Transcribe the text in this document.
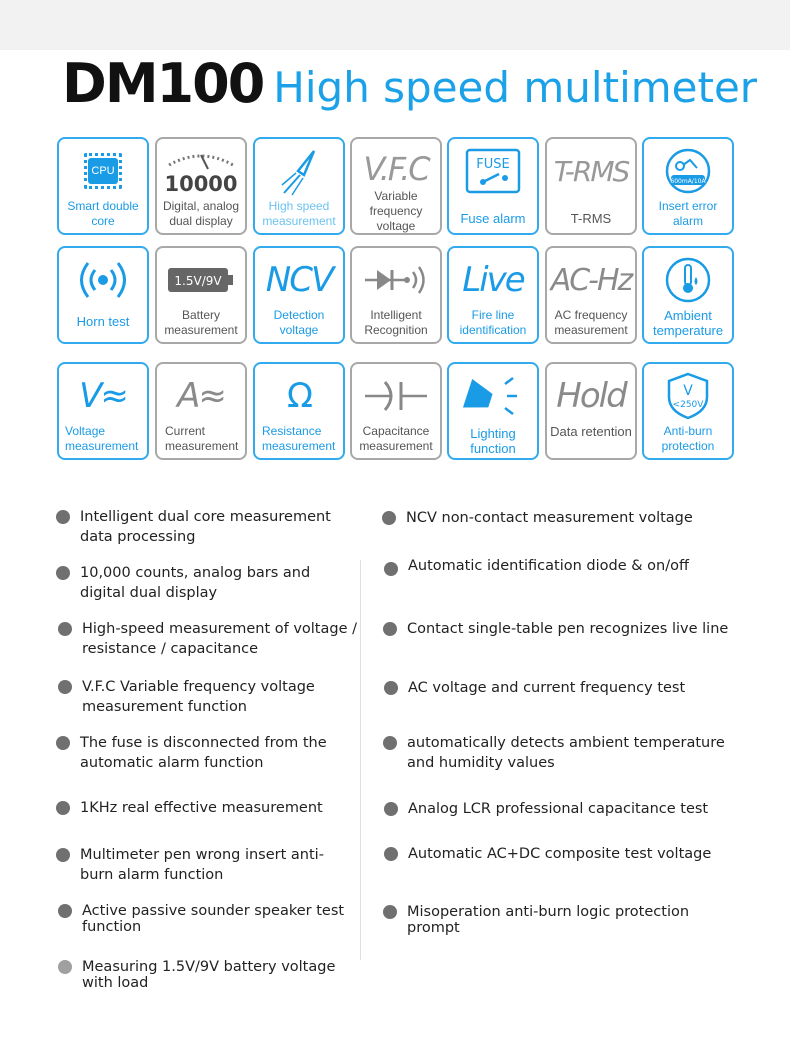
DM100 High speed multimeter
CPU
Smart double core
10000
Digital, analog dual display
High speed measurement
V.F.C
Variable frequency voltage
FUSE
Fuse alarm
T-RMS
T-RMS
600mA/10A
Insert error alarm
Horn test
1.5V/9V
Battery measurement
NCV
Detection voltage
Intelligent Recognition
Live
Fire line identification
AC-Hz
AC frequency measurement
Ambient temperature
V≈
Voltage measurement
A≈
Current measurement
Ω
Resistance measurement
Capacitance measurement
Lighting function
Hold
Data retention
V
<250V
Anti-burn protection
Intelligent dual core measurement data processing
10,000 counts, analog bars and digital dual display
High-speed measurement of voltage / resistance / capacitance
V.F.C Variable frequency voltage measurement function
The fuse is disconnected from the automatic alarm function
1KHz real effective measurement
Multimeter pen wrong insert anti-burn alarm function
Active passive sounder speaker test function
Measuring 1.5V/9V battery voltage with load
NCV non-contact measurement voltage
Automatic identification diode & on/off
Contact single-table pen recognizes live line
AC voltage and current frequency test
automatically detects ambient temperature and humidity values
Analog LCR professional capacitance test
Automatic AC+DC composite test voltage
Misoperation anti-burn logic protection prompt
